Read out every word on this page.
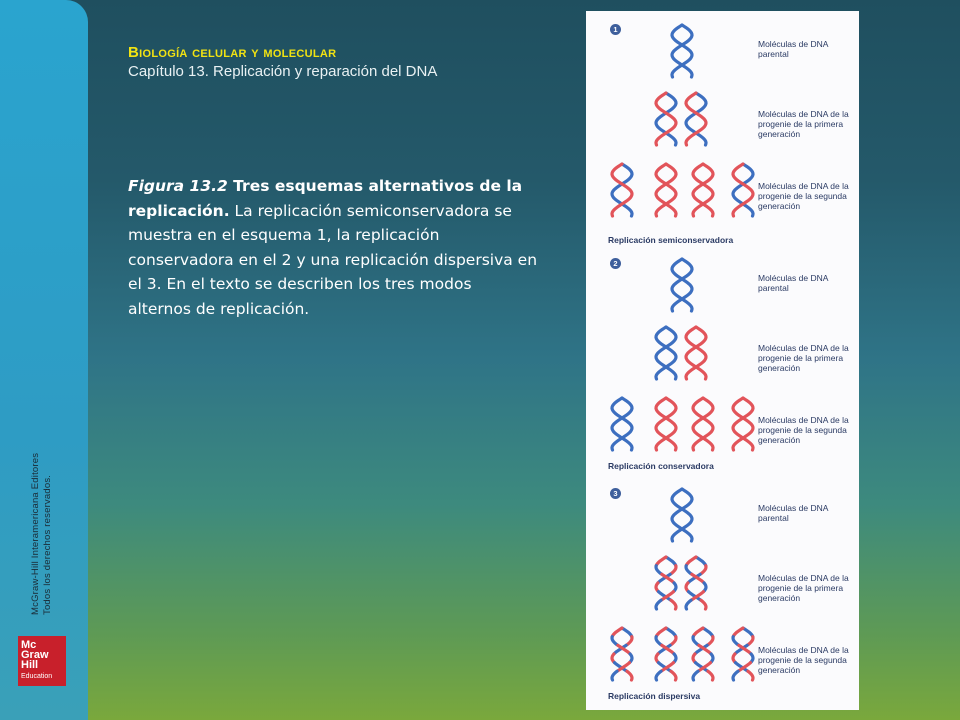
McGraw-Hill Interamericana Editores Todos los derechos reservados.
Mc
Graw
Hill
Education

Biología celular y molecular

Capítulo 13. Replicación y reparación del DNA

Figura 13.2 Tres esquemas alternativos de la replicación. La replicación semiconservadora se muestra en el esquema 1, la replicación conservadora en el 2 y una replicación dispersiva en el 3. En el texto se describen los tres modos alternos de replicación.
1
Moléculas de DNA parental
Moléculas de DNA de la progenie de la primera generación
Moléculas de DNA de la progenie de la segunda generación
Replicación semiconservadora
2
Moléculas de DNA parental
Moléculas de DNA de la progenie de la primera generación
Moléculas de DNA de la progenie de la segunda generación
Replicación conservadora
3
Moléculas de DNA parental
Moléculas de DNA de la progenie de la primera generación
Moléculas de DNA de la progenie de la segunda generación
Replicación dispersiva
